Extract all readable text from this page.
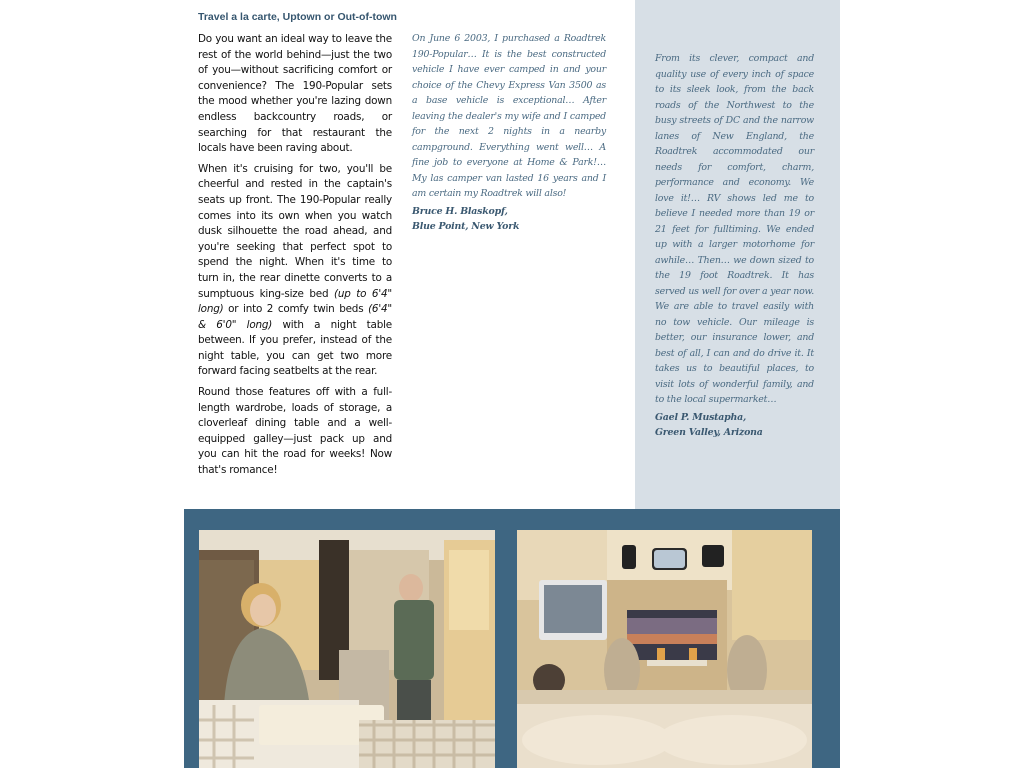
Travel a la carte, Uptown or Out-of-town

Do you want an ideal way to leave the rest of the world behind—just the two of you—without sacrificing comfort or convenience? The 190-Popular sets the mood whether you're lazing down endless backcountry roads, or searching for that restaurant the locals have been raving about.

When it's cruising for two, you'll be cheerful and rested in the captain's seats up front. The 190-Popular really comes into its own when you watch dusk silhouette the road ahead, and you're seeking that perfect spot to spend the night. When it's time to turn in, the rear dinette converts to a sumptuous king-size bed (up to 6'4" long) or into 2 comfy twin beds (6'4" & 6'0" long) with a night table between. If you prefer, instead of the night table, you can get two more forward facing seatbelts at the rear.

Round those features off with a full-length wardrobe, loads of storage, a cloverleaf dining table and a well-equipped galley—just pack up and you can hit the road for weeks! Now that's romance!

On June 6 2003, I purchased a Roadtrek 190-Popular… It is the best constructed vehicle I have ever camped in and your choice of the Chevy Express Van 3500 as a base vehicle is exceptional… After leaving the dealer's my wife and I camped for the next 2 nights in a nearby campground. Everything went well… A fine job to everyone at Home & Park!… My las camper van lasted 16 years and I am certain my Roadtrek will also!

Bruce H. Blaskopf,
Blue Point, New York

From its clever, compact and quality use of every inch of space to its sleek look, from the back roads of the Northwest to the busy streets of DC and the narrow lanes of New England, the Roadtrek accommodated our needs for comfort, charm, performance and economy. We love it!… RV shows led me to believe I needed more than 19 or 21 feet for fulltiming. We ended up with a larger motorhome for awhile… Then… we down sized to the 19 foot Roadtrek. It has served us well for over a year now. We are able to travel easily with no tow vehicle. Our mileage is better, our insurance lower, and best of all, I can and do drive it. It takes us to beautiful places, to visit lots of wonderful family, and to the local supermarket…

Gael P. Mustapha,
Green Valley, Arizona
